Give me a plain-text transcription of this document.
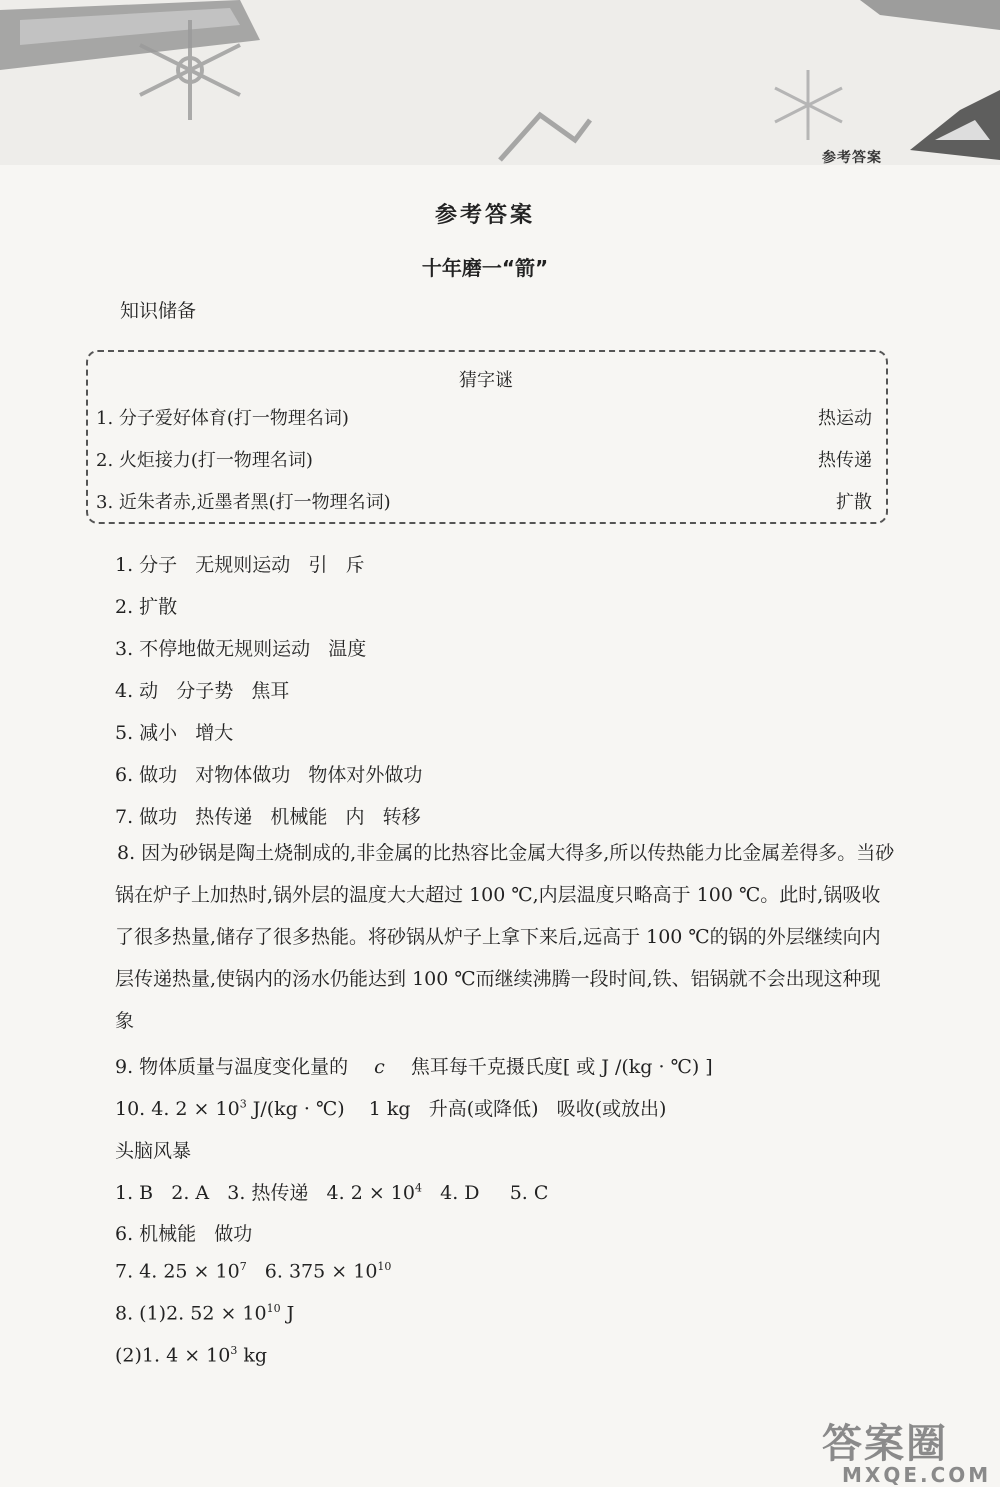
参考答案
参考答案
十年磨一“箭”
知识储备
猜字谜
1. 分子爱好体育(打一物理名词)	热运动
2. 火炬接力(打一物理名词)	热传递
3. 近朱者赤,近墨者黑(打一物理名词)	扩散
1. 分子   无规则运动   引   斥
2. 扩散
3. 不停地做无规则运动   温度
4. 动   分子势   焦耳
5. 减小   增大
6. 做功   对物体做功   物体对外做功
7. 做功   热传递   机械能   内   转移
8. 因为砂锅是陶土烧制成的,非金属的比热容比金属大得多,所以传热能力比金属差得多。当砂锅在炉子上加热时,锅外层的温度大大超过 100 ℃,内层温度只略高于 100 ℃。此时,锅吸收了很多热量,储存了很多热能。将砂锅从炉子上拿下来后,远高于 100 ℃的锅的外层继续向内层传递热量,使锅内的汤水仍能达到 100 ℃而继续沸腾一段时间,铁、铝锅就不会出现这种现象
9. 物体质量与温度变化量的 c 焦耳每千克摄氏度[ 或 J /(kg · ℃) ]
10. 4. $2 \times 10^3$ J/(kg · ℃)    1 kg   升高(或降低)   吸收(或放出)
头脑风暴
1. B   2. A   3. 热传递   4. $2 \times 10^4$   4. D     5. C
6. 机械能   做功
7. 4. $25 \times 10^7$   6. $375 \times 10^{10}$
8. (1)2. $52 \times 10^{10}$ J
(2)1. $4 \times 10^3$ kg
答案圈
MXQE.COM
